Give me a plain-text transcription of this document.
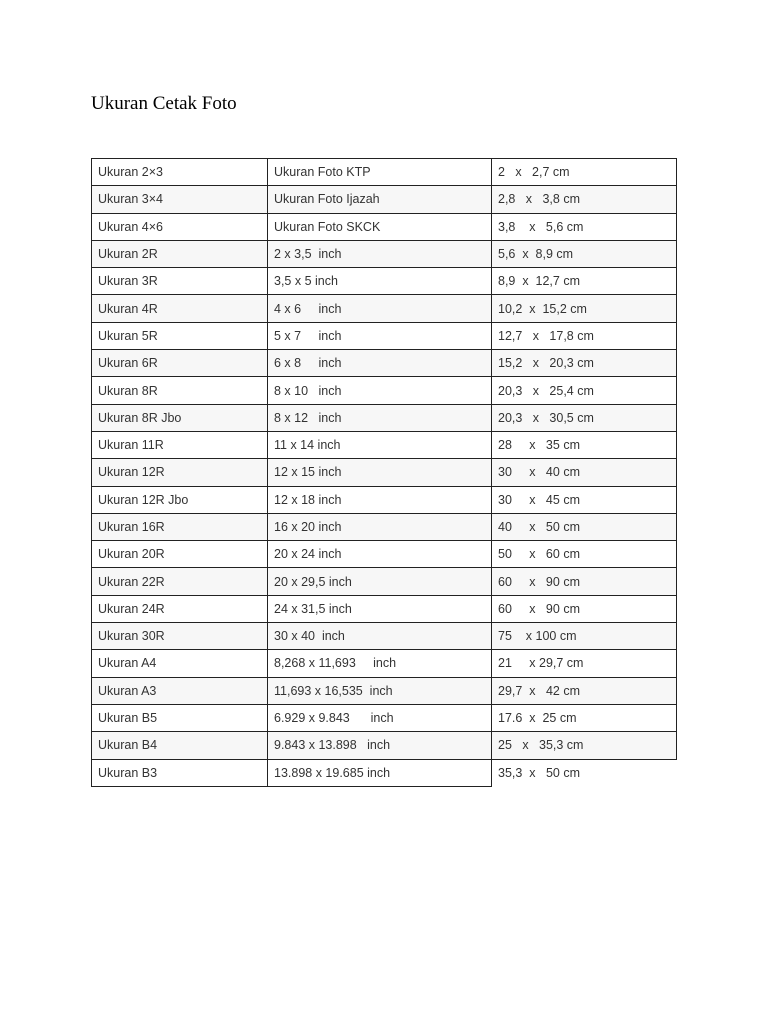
Ukuran Cetak Foto
Ukuran 2×3	Ukuran Foto KTP	2   x   2,7 cm
Ukuran 3×4	Ukuran Foto Ijazah	2,8   x   3,8 cm
Ukuran 4×6	Ukuran Foto SKCK	3,8    x   5,6 cm
Ukuran 2R	2 x 3,5  inch	5,6  x  8,9 cm
Ukuran 3R	3,5 x 5 inch	8,9  x  12,7 cm
Ukuran 4R	4 x 6     inch	10,2  x  15,2 cm
Ukuran 5R	5 x 7     inch	12,7   x   17,8 cm
Ukuran 6R	6 x 8     inch	15,2   x   20,3 cm
Ukuran 8R	8 x 10   inch	20,3   x   25,4 cm
Ukuran 8R Jbo	8 x 12   inch	20,3   x   30,5 cm
Ukuran 11R	11 x 14 inch	28     x   35 cm
Ukuran 12R	12 x 15 inch	30     x   40 cm
Ukuran 12R Jbo	12 x 18 inch	30     x   45 cm
Ukuran 16R	16 x 20 inch	40     x   50 cm
Ukuran 20R	20 x 24 inch	50     x   60 cm
Ukuran 22R	20 x 29,5 inch	60     x   90 cm
Ukuran 24R	24 x 31,5 inch	60     x   90 cm
Ukuran 30R	30 x 40  inch	75    x 100 cm
Ukuran A4	8,268 x 11,693     inch	21     x 29,7 cm
Ukuran A3	11,693 x 16,535  inch	29,7  x   42 cm
Ukuran B5	6.929 x 9.843      inch	17.6  x  25 cm
Ukuran B4	9.843 x 13.898   inch	25   x   35,3 cm
Ukuran B3	13.898 x 19.685 inch	35,3  x   50 cm
